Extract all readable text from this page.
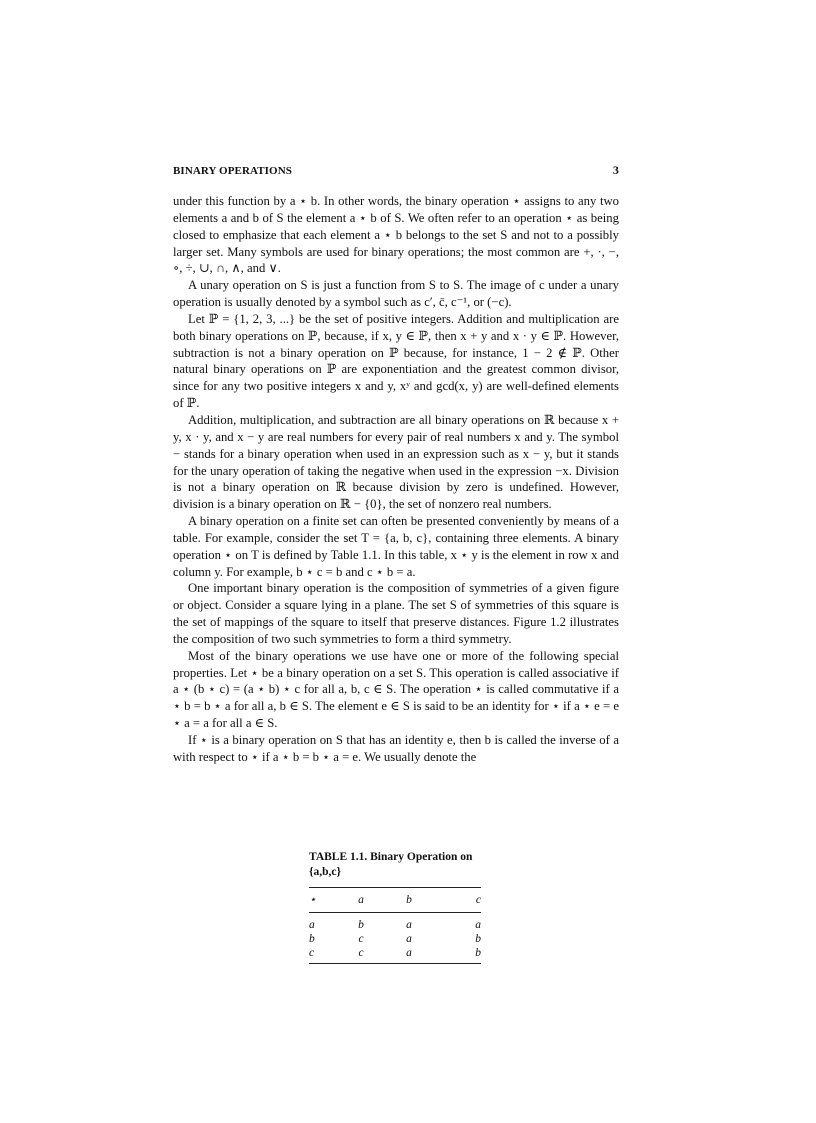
BINARY OPERATIONS	3

under this function by a ⋆ b. In other words, the binary operation ⋆ assigns to any two elements a and b of S the element a ⋆ b of S. We often refer to an operation ⋆ as being closed to emphasize that each element a ⋆ b belongs to the set S and not to a possibly larger set. Many symbols are used for binary operations; the most common are +, ·, −, ∘, ÷, ∪, ∩, ∧, and ∨.

A unary operation on S is just a function from S to S. The image of c under a unary operation is usually denoted by a symbol such as c′, c̄, c⁻¹, or (−c).

Let ℙ = {1, 2, 3, ...} be the set of positive integers. Addition and multiplication are both binary operations on ℙ, because, if x, y ∈ ℙ, then x + y and x · y ∈ ℙ. However, subtraction is not a binary operation on ℙ because, for instance, 1 − 2 ∉ ℙ. Other natural binary operations on ℙ are exponentiation and the greatest common divisor, since for any two positive integers x and y, xʸ and gcd(x, y) are well-defined elements of ℙ.

Addition, multiplication, and subtraction are all binary operations on ℝ because x + y, x · y, and x − y are real numbers for every pair of real numbers x and y. The symbol − stands for a binary operation when used in an expression such as x − y, but it stands for the unary operation of taking the negative when used in the expression −x. Division is not a binary operation on ℝ because division by zero is undefined. However, division is a binary operation on ℝ − {0}, the set of nonzero real numbers.

A binary operation on a finite set can often be presented conveniently by means of a table. For example, consider the set T = {a, b, c}, containing three elements. A binary operation ⋆ on T is defined by Table 1.1. In this table, x ⋆ y is the element in row x and column y. For example, b ⋆ c = b and c ⋆ b = a.

One important binary operation is the composition of symmetries of a given figure or object. Consider a square lying in a plane. The set S of symmetries of this square is the set of mappings of the square to itself that preserve distances. Figure 1.2 illustrates the composition of two such symmetries to form a third symmetry.

Most of the binary operations we use have one or more of the following special properties. Let ⋆ be a binary operation on a set S. This operation is called associative if a ⋆ (b ⋆ c) = (a ⋆ b) ⋆ c for all a, b, c ∈ S. The operation ⋆ is called commutative if a ⋆ b = b ⋆ a for all a, b ∈ S. The element e ∈ S is said to be an identity for ⋆ if a ⋆ e = e ⋆ a = a for all a ∈ S.

If ⋆ is a binary operation on S that has an identity e, then b is called the inverse of a with respect to ⋆ if a ⋆ b = b ⋆ a = e. We usually denote the

TABLE 1.1. Binary Operation on {a,b,c}
⋆	a	b	c
a	b	a	a
b	c	a	b
c	c	a	b
